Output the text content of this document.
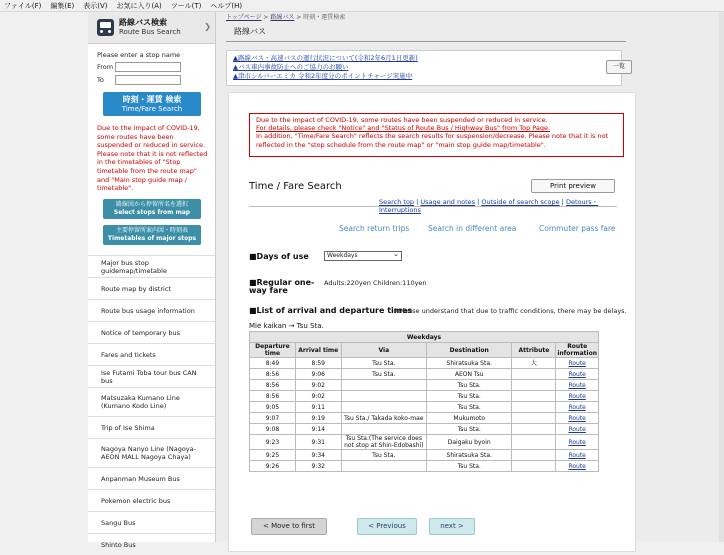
ファイル(F) 編集(E) 表示(V) お気に入り(A) ツール(T) ヘルプ(H)
路線バス検索
Route Bus Search
❯
Please enter a stop name
From
To
時刻・運賃 検索
Time/Fare Search
Due to the impact of COVID-19, some routes have been suspended or reduced in service. Please note that it is not reflected in the timetables of "Stop timetable from the route map" and "Main stop guide map / timetable".
路線図から停留所名を選択
Select stops from map
主要停留所案内図・時刻表
Timetables of major stops
Major bus stop guidemap/timetable
Route map by district
Route bus usage information
Notice of temporary bus
Fares and tickets
Ise Futami Toba tour bus CAN bus
Matsuzaka Kumano Line (Kumano Kodo Line)
Trip of Ise Shima
Nagoya Nanyo Line (Nagoya-AEON MALL Nagoya Chaya)
Anpanman Museum Bus
Pokemon electric bus
Sangu Bus
Shinto Bus
トップページ > 路線バス > 時刻・運賃検索
路線バス
▲路線バス・高速バスの運行状況について(令和2年6月1日更新)
▲バス車内事故防止へのご協力のお願い
▲津市シルバーエミカ 令和2年度分のポイントチャージ実施中
一覧
Due to the impact of COVID-19, some routes have been suspended or reduced in service.
For details, please check "Notice" and "Status of Route Bus / Highway Bus" from Top Page.
In addition, "Time/Fare Search" reflects the search results for suspension/decrease. Please note that it is not reflected in the "stop schedule from the route map" or "main stop guide map/timetable".
Time / Fare Search	Print preview
Search top | Usage and notes | Outside of search scope | Detours・Interruptions
Search return trips	Search in different area	Commuter pass fare
■Days of use	Weekdays ⌄
■Regular one-way fare
Adults:220yen Children:110yen
■List of arrival and departure times
※Please understand that due to traffic conditions, there may be delays.
Mie kaikan → Tsu Sta.
Weekdays					
Departure time	Arrival time	Via	Destination	Attribute	Route information
8:49	8:59	Tsu Sta.	Shiratsuka Sta.	大	Route
8:56	9:06	Tsu Sta.	AEON Tsu		Route
8:56	9:02		Tsu Sta.		Route
8:56	9:02		Tsu Sta.		Route
9:05	9:11		Tsu Sta.		Route
9:07	9:19	Tsu Sta./ Takada koko-mae	Mukumoto		Route
9:08	9:14		Tsu Sta.		Route
9:23	9:31	Tsu Sta.(The service does not stop at Shin-Edobashi)	Daigaku byoin		Route
9:25	9:34	Tsu Sta.	Shiratsuka Sta.		Route
9:26	9:32		Tsu Sta.		Route
< Move to first	< Previous	next >
